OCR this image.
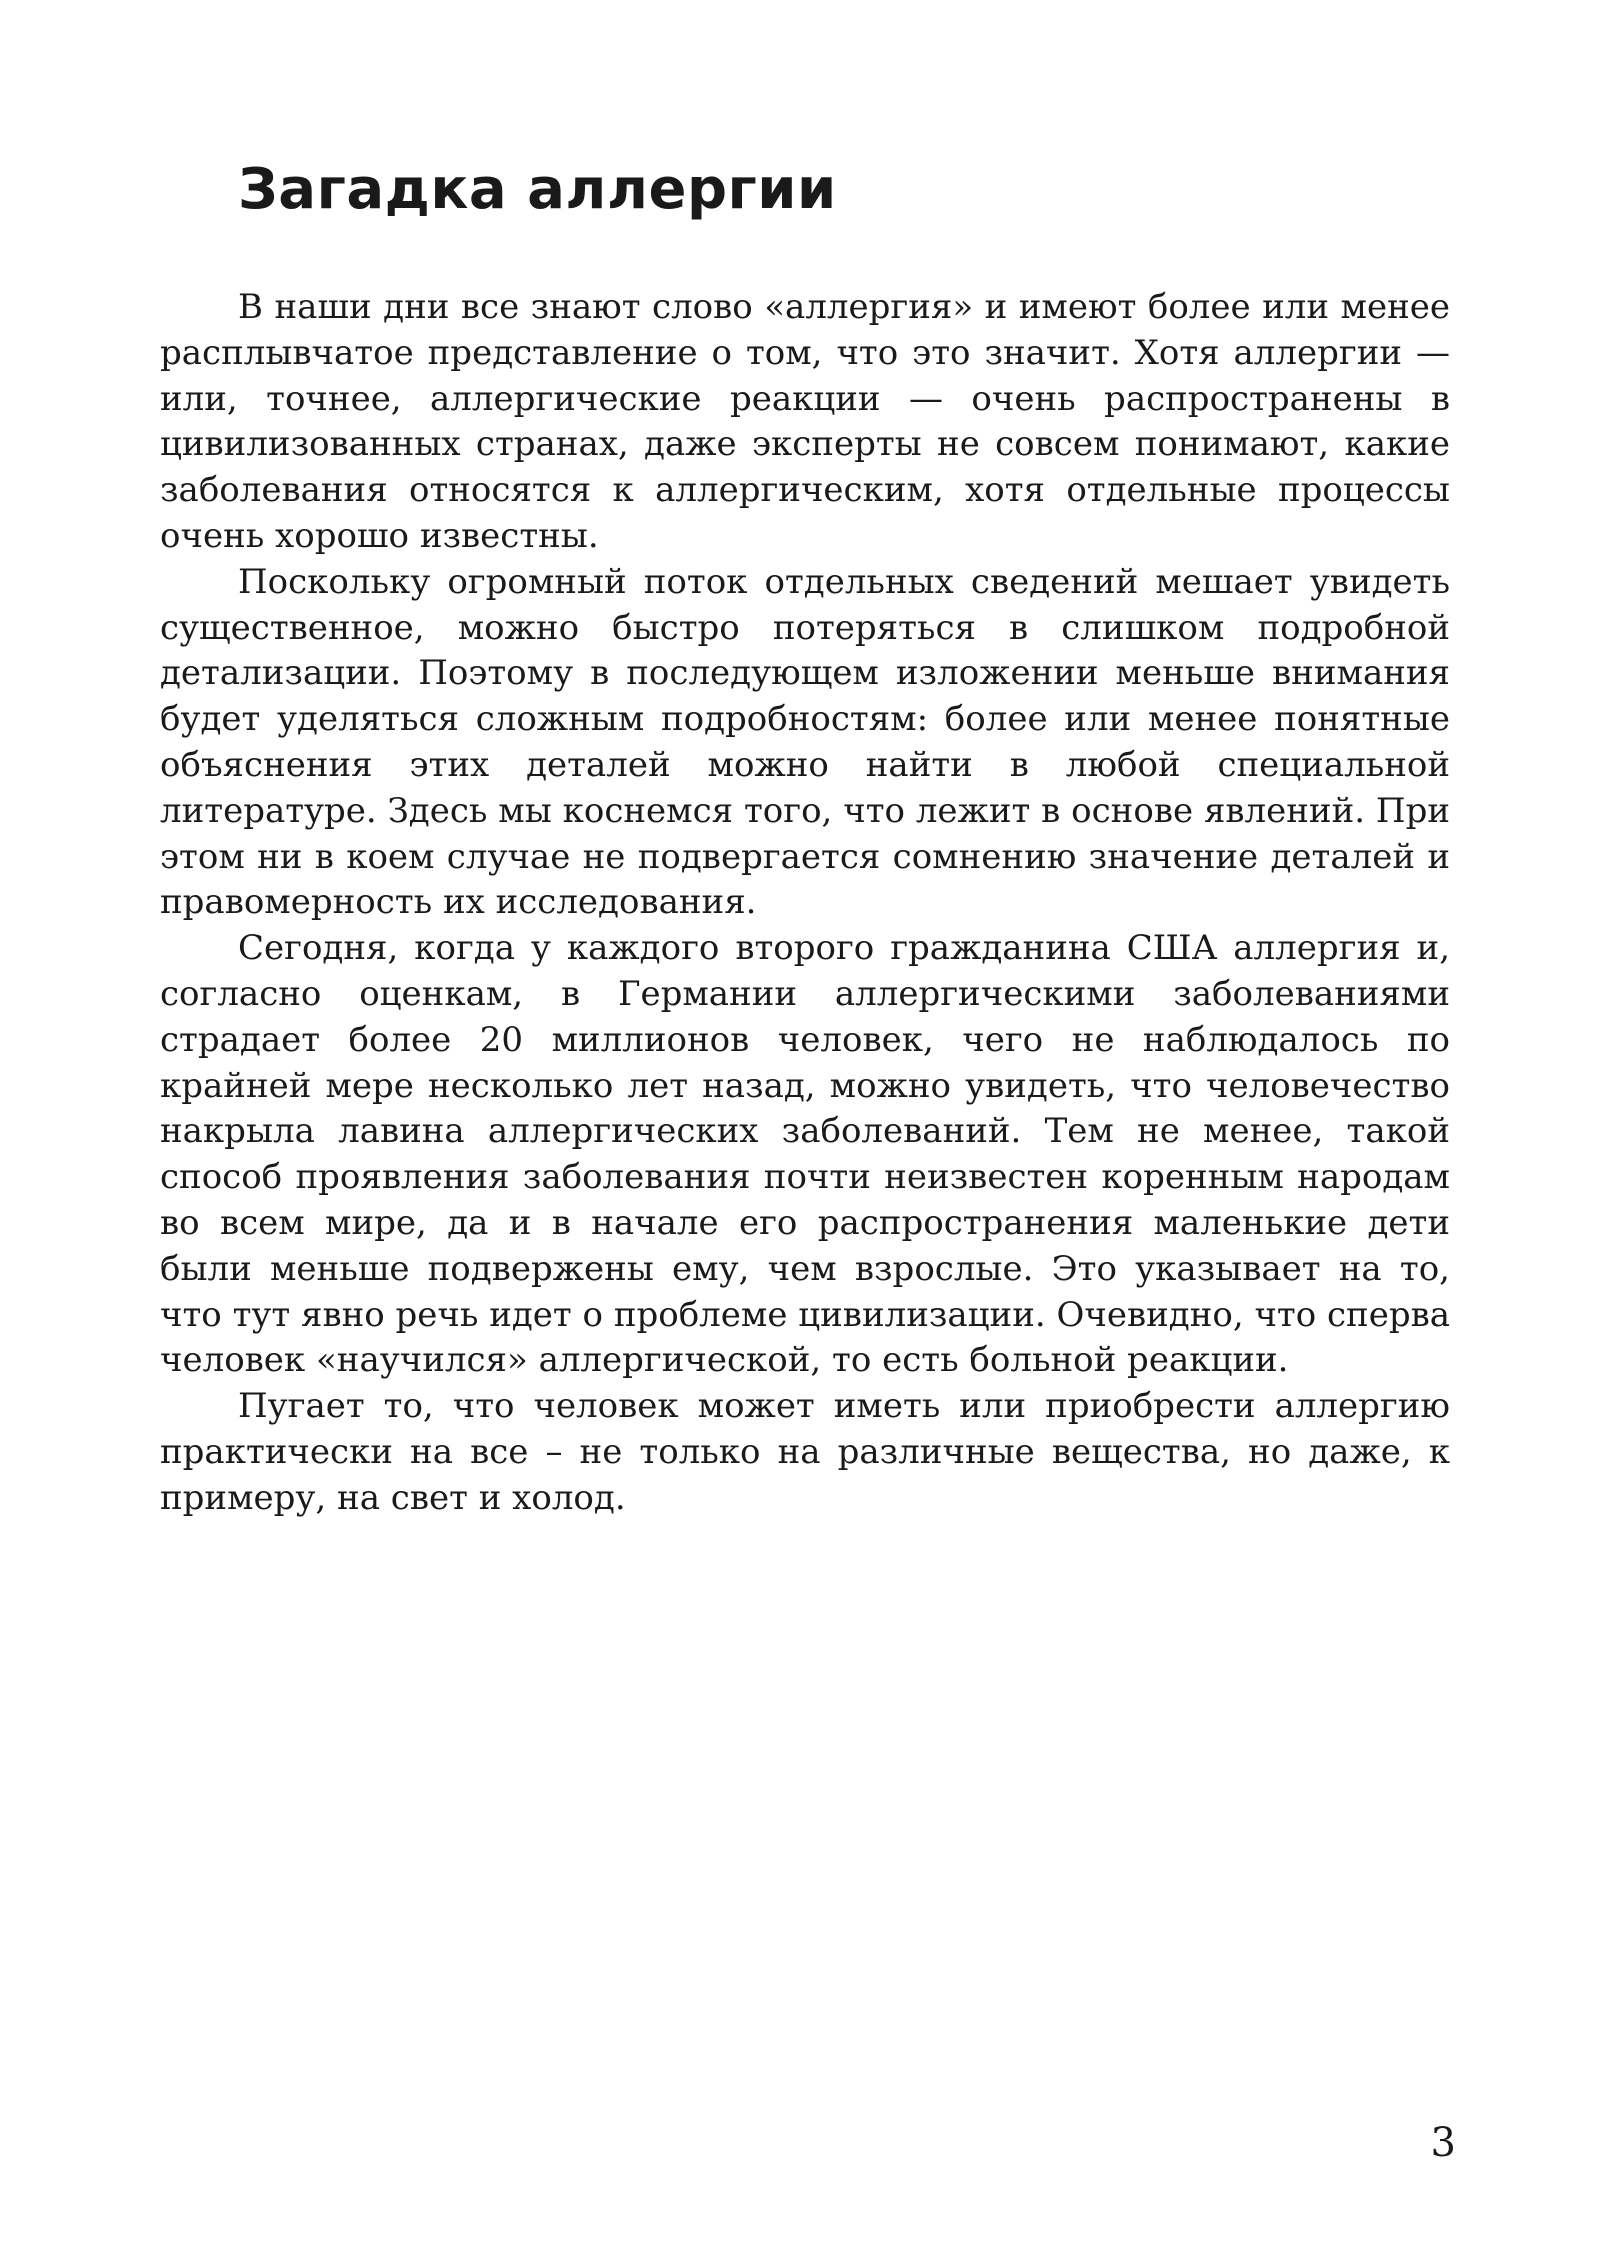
Загадка аллергии

В наши дни все знают слово «аллергия» и имеют более или менее расплывчатое представление о том, что это значит. Хотя аллергии — или, точнее, аллергические реакции — очень распространены в цивилизованных странах, даже эксперты не совсем понимают, какие заболевания относятся к аллергическим, хотя отдельные процессы очень хорошо известны.

Поскольку огромный поток отдельных сведений мешает увидеть существенное, можно быстро потеряться в слишком подробной детализации. Поэтому в последующем изложении меньше внимания будет уделяться сложным подробностям: более или менее понятные объяснения этих деталей можно найти в любой специальной литературе. Здесь мы коснемся того, что лежит в основе явлений. При этом ни в коем случае не подвергается сомнению значение деталей и правомерность их исследования.

Сегодня, когда у каждого второго гражданина США аллергия и, согласно оценкам, в Германии аллергическими заболеваниями страдает более 20 миллионов человек, чего не наблюдалось по крайней мере несколько лет назад, можно увидеть, что человечество накрыла лавина аллергических заболеваний. Тем не менее, такой способ проявления заболевания почти неизвестен коренным народам во всем мире, да и в начале его распространения маленькие дети были меньше подвержены ему, чем взрослые. Это указывает на то, что тут явно речь идет о проблеме цивилизации. Очевидно, что сперва человек «научился» аллергической, то есть больной реакции.

Пугает то, что человек может иметь или приобрести аллергию практически на все – не только на различные вещества, но даже, к примеру, на свет и холод.

3
